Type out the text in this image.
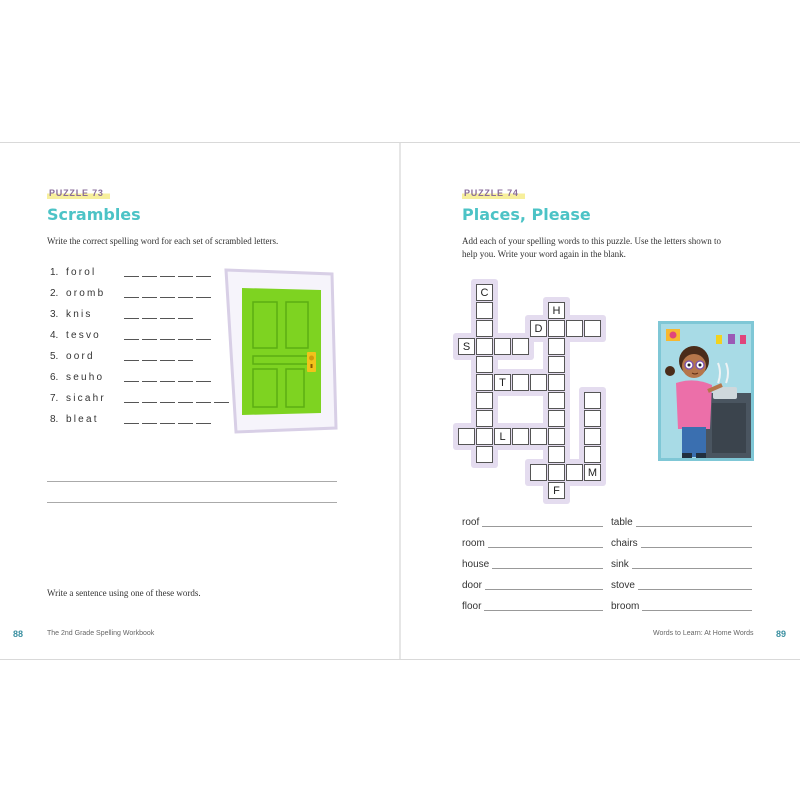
PUZZLE 73
Scrambles
Write the correct spelling word for each set of scrambled letters.
1. forol
2. oromb
3. knis
4. tesvo
5. oord
6. seuho
7. sicahr
8. bleat
Write a sentence using one of these words.
88	The 2nd Grade Spelling Workbook
PUZZLE 74
Places, Please
Add each of your spelling words to this puzzle. Use the letters shown to
help you. Write your word again in the blank.
89
Words to Learn: At Home Words
C
S
H
F
D
T
L
M
roof
room
house
door
floor
table
chairs
sink
stove
broom
